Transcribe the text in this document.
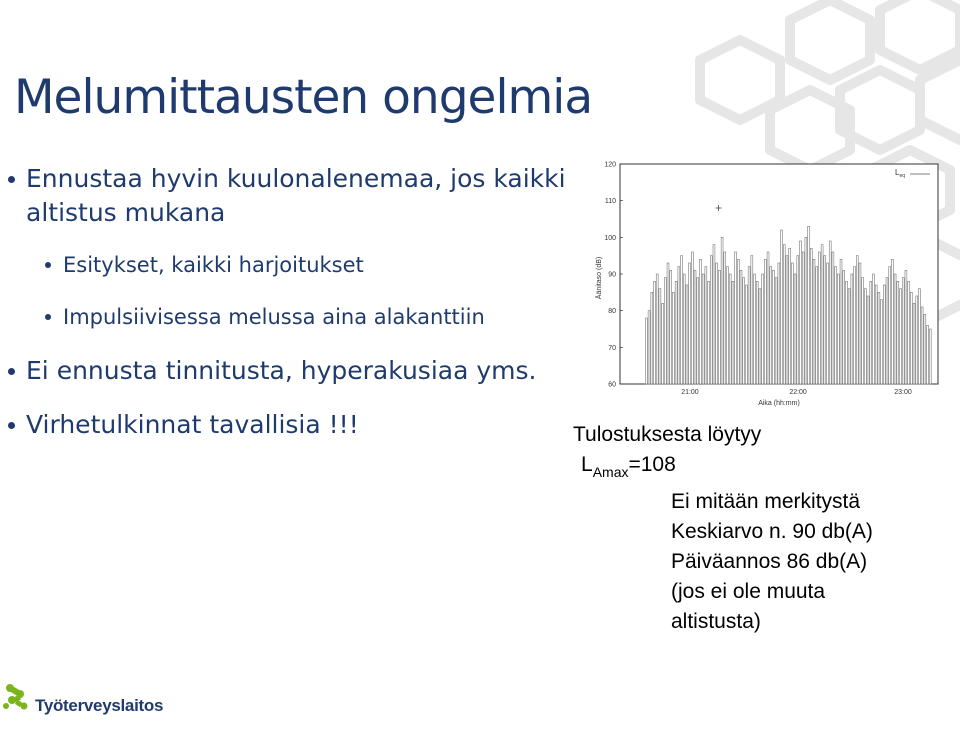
Melumittausten ongelmia
Ennustaa hyvin kuulonalenemaa, jos kaikki altistus mukana
Esitykset, kaikki harjoitukset
Impulsiivisessa melussa aina alakanttiin
Ei ennusta tinnitusta, hyperakusiaa yms.
Virhetulkinnat tavallisia !!!
120
110
100
90
80
70
60
21:00	22:00	23:00
Äänitaso (dB)
Aika (hh:mm)
$L_{eq}$
Tulostuksesta löytyy
$L_{Amax}=108$
Ei mitään merkitystä
Keskiarvo n. 90 db(A)
Päiväannos 86 db(A)
(jos ei ole muuta
altistusta)
Työterveyslaitos
